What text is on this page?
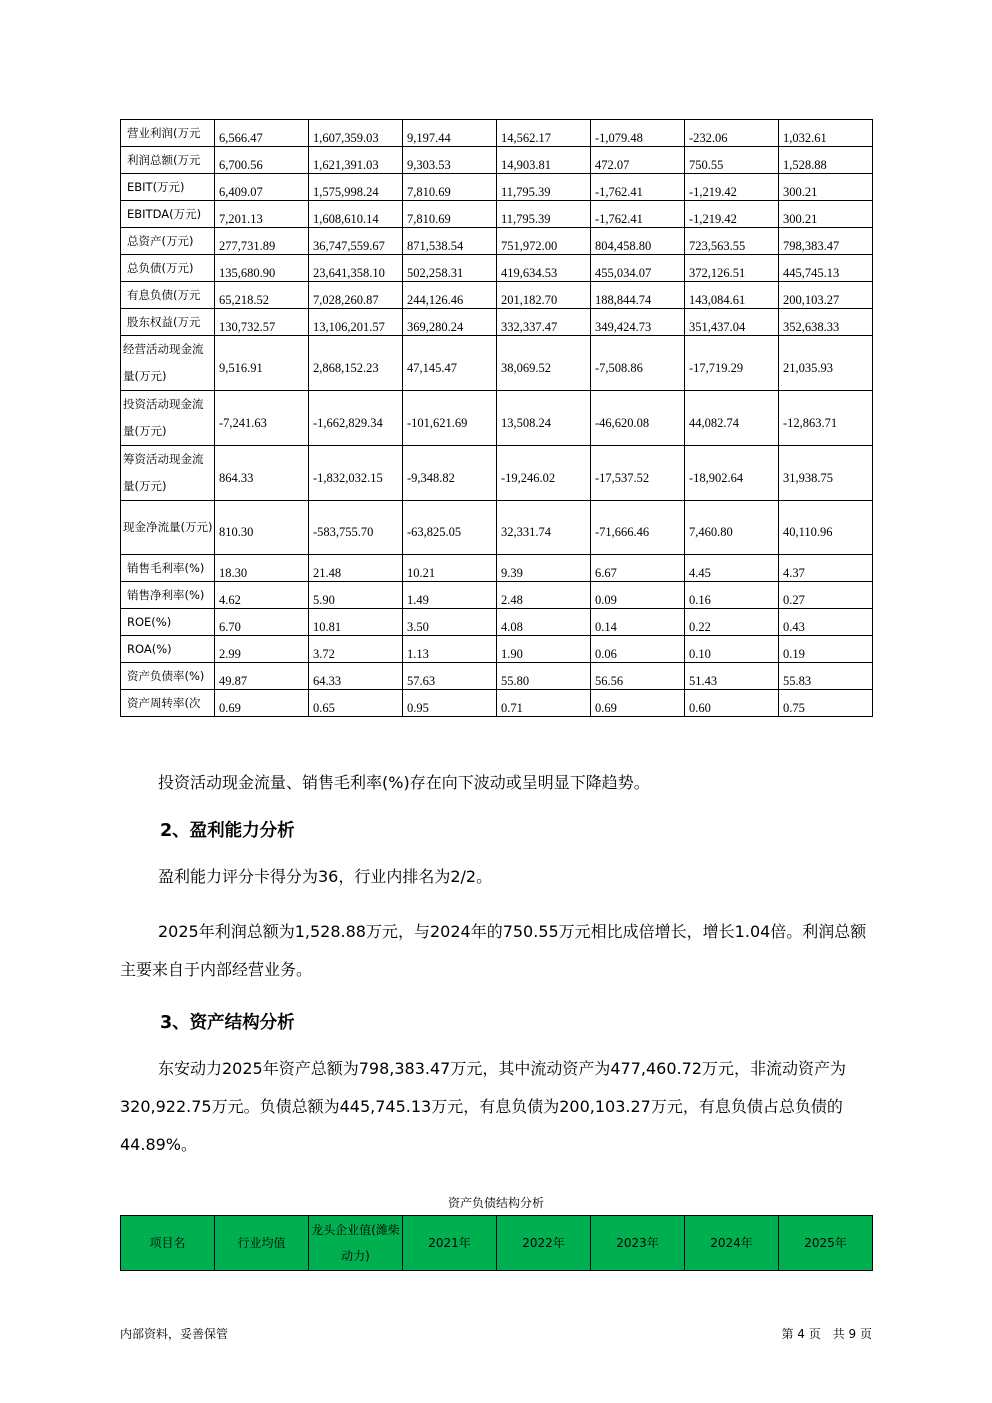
营业利润(万元	6,566.47	1,607,359.03	9,197.44	14,562.17	-1,079.48	-232.06	1,032.61
利润总额(万元	6,700.56	1,621,391.03	9,303.53	14,903.81	472.07	750.55	1,528.88
EBIT(万元)	6,409.07	1,575,998.24	7,810.69	11,795.39	-1,762.41	-1,219.42	300.21
EBITDA(万元)	7,201.13	1,608,610.14	7,810.69	11,795.39	-1,762.41	-1,219.42	300.21
总资产(万元)	277,731.89	36,747,559.67	871,538.54	751,972.00	804,458.80	723,563.55	798,383.47
总负债(万元)	135,680.90	23,641,358.10	502,258.31	419,634.53	455,034.07	372,126.51	445,745.13
有息负债(万元	65,218.52	7,028,260.87	244,126.46	201,182.70	188,844.74	143,084.61	200,103.27
股东权益(万元	130,732.57	13,106,201.57	369,280.24	332,337.47	349,424.73	351,437.04	352,638.33
经营活动现金流量(万元)	9,516.91	2,868,152.23	47,145.47	38,069.52	-7,508.86	-17,719.29	21,035.93
投资活动现金流量(万元)	-7,241.63	-1,662,829.34	-101,621.69	13,508.24	-46,620.08	44,082.74	-12,863.71
筹资活动现金流量(万元)	864.33	-1,832,032.15	-9,348.82	-19,246.02	-17,537.52	-18,902.64	31,938.75
现金净流量(万元)	810.30	-583,755.70	-63,825.05	32,331.74	-71,666.46	7,460.80	40,110.96
销售毛利率(%)	18.30	21.48	10.21	9.39	6.67	4.45	4.37
销售净利率(%)	4.62	5.90	1.49	2.48	0.09	0.16	0.27
ROE(%)	6.70	10.81	3.50	4.08	0.14	0.22	0.43
ROA(%)	2.99	3.72	1.13	1.90	0.06	0.10	0.19
资产负债率(%)	49.87	64.33	57.63	55.80	56.56	51.43	55.83
资产周转率(次	0.69	0.65	0.95	0.71	0.69	0.60	0.75

投资活动现金流量、销售毛利率(%)存在向下波动或呈明显下降趋势。

2、盈利能力分析

盈利能力评分卡得分为36，行业内排名为2/2。

2025年利润总额为1,528.88万元，与2024年的750.55万元相比成倍增长，增长1.04倍。利润总额主要来自于内部经营业务。

3、资产结构分析

东安动力2025年资产总额为798,383.47万元，其中流动资产为477,460.72万元，非流动资产为320,922.75万元。负债总额为445,745.13万元，有息负债为200,103.27万元，有息负债占总负债的44.89%。

资产负债结构分析
项目名	行业均值	龙头企业值(潍柴动力)	2021年	2022年	2023年	2024年	2025年
内部资料，妥善保管	第 4 页　共 9 页
